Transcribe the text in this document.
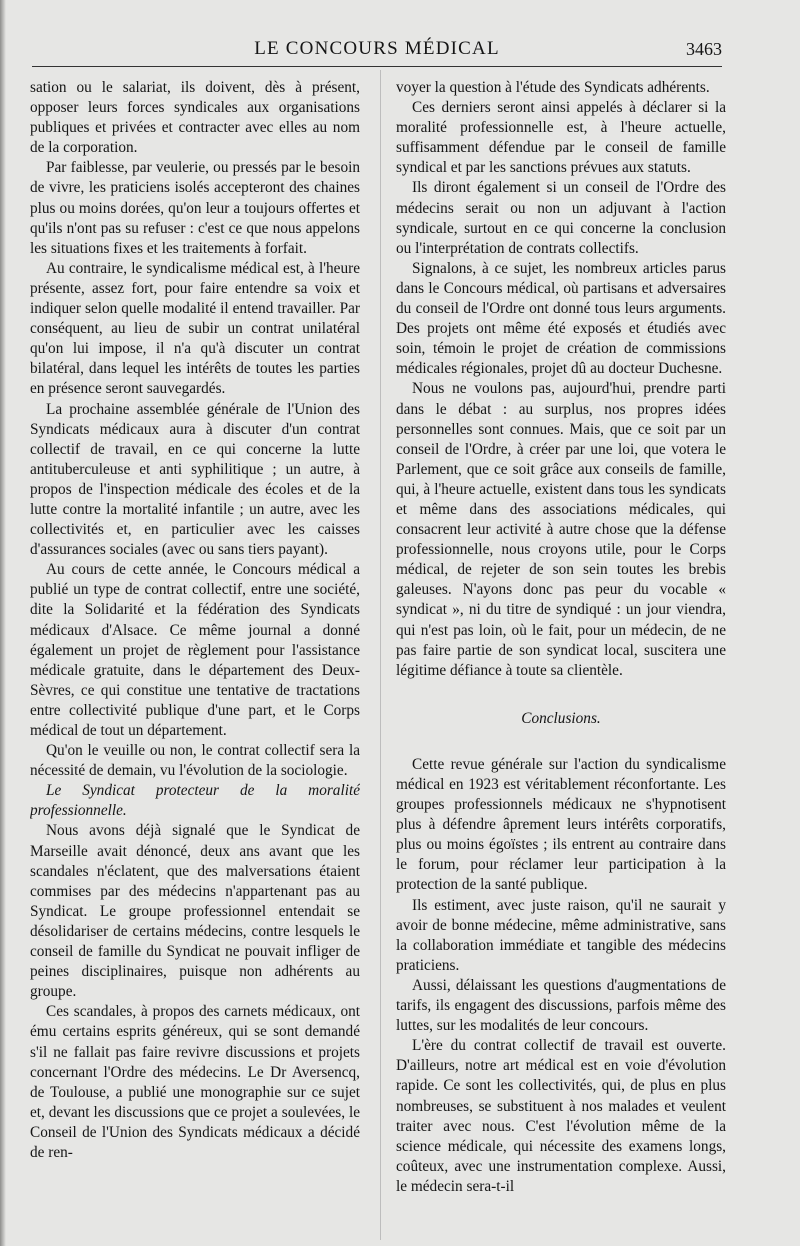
LE CONCOURS MÉDICAL	3463

sation ou le salariat, ils doivent, dès à présent, opposer leurs forces syndicales aux organisations publiques et privées et contracter avec elles au nom de la corporation.

Par faiblesse, par veulerie, ou pressés par le besoin de vivre, les praticiens isolés accepteront des chaines plus ou moins dorées, qu'on leur a toujours offertes et qu'ils n'ont pas su refuser : c'est ce que nous appelons les situations fixes et les traitements à forfait.

Au contraire, le syndicalisme médical est, à l'heure présente, assez fort, pour faire entendre sa voix et indiquer selon quelle modalité il entend travailler. Par conséquent, au lieu de subir un contrat unilatéral qu'on lui impose, il n'a qu'à discuter un contrat bilatéral, dans lequel les intérêts de toutes les parties en présence seront sauvegardés.

La prochaine assemblée générale de l'Union des Syndicats médicaux aura à discuter d'un contrat collectif de travail, en ce qui concerne la lutte antituberculeuse et anti syphilitique ; un autre, à propos de l'inspection médicale des écoles et de la lutte contre la mortalité infantile ; un autre, avec les collectivités et, en particulier avec les caisses d'assurances sociales (avec ou sans tiers payant).

Au cours de cette année, le Concours médical a publié un type de contrat collectif, entre une société, dite la Solidarité et la fédération des Syndicats médicaux d'Alsace. Ce même journal a donné également un projet de règlement pour l'assistance médicale gratuite, dans le département des Deux-Sèvres, ce qui constitue une tentative de tractations entre collectivité publique d'une part, et le Corps médical de tout un département.

Qu'on le veuille ou non, le contrat collectif sera la nécessité de demain, vu l'évolution de la sociologie.

Le Syndicat protecteur de la moralité professionnelle.

Nous avons déjà signalé que le Syndicat de Marseille avait dénoncé, deux ans avant que les scandales n'éclatent, que des malversations étaient commises par des médecins n'appartenant pas au Syndicat. Le groupe professionnel entendait se désolidariser de certains médecins, contre lesquels le conseil de famille du Syndicat ne pouvait infliger de peines disciplinaires, puisque non adhérents au groupe.

Ces scandales, à propos des carnets médicaux, ont ému certains esprits généreux, qui se sont demandé s'il ne fallait pas faire revivre discussions et projets concernant l'Ordre des médecins. Le Dr Aversencq, de Toulouse, a publié une monographie sur ce sujet et, devant les discussions que ce projet a soulevées, le Conseil de l'Union des Syndicats médicaux a décidé de ren-

voyer la question à l'étude des Syndicats adhérents.

Ces derniers seront ainsi appelés à déclarer si la moralité professionnelle est, à l'heure actuelle, suffisamment défendue par le conseil de famille syndical et par les sanctions prévues aux statuts.

Ils diront également si un conseil de l'Ordre des médecins serait ou non un adjuvant à l'action syndicale, surtout en ce qui concerne la conclusion ou l'interprétation de contrats collectifs.

Signalons, à ce sujet, les nombreux articles parus dans le Concours médical, où partisans et adversaires du conseil de l'Ordre ont donné tous leurs arguments. Des projets ont même été exposés et étudiés avec soin, témoin le projet de création de commissions médicales régionales, projet dû au docteur Duchesne.

Nous ne voulons pas, aujourd'hui, prendre parti dans le débat : au surplus, nos propres idées personnelles sont connues. Mais, que ce soit par un conseil de l'Ordre, à créer par une loi, que votera le Parlement, que ce soit grâce aux conseils de famille, qui, à l'heure actuelle, existent dans tous les syndicats et même dans des associations médicales, qui consacrent leur activité à autre chose que la défense professionnelle, nous croyons utile, pour le Corps médical, de rejeter de son sein toutes les brebis galeuses. N'ayons donc pas peur du vocable « syndicat », ni du titre de syndiqué : un jour viendra, qui n'est pas loin, où le fait, pour un médecin, de ne pas faire partie de son syndicat local, suscitera une légitime défiance à toute sa clientèle.

Conclusions.

Cette revue générale sur l'action du syndicalisme médical en 1923 est véritablement réconfortante. Les groupes professionnels médicaux ne s'hypnotisent plus à défendre âprement leurs intérêts corporatifs, plus ou moins égoïstes ; ils entrent au contraire dans le forum, pour réclamer leur participation à la protection de la santé publique.

Ils estiment, avec juste raison, qu'il ne saurait y avoir de bonne médecine, même administrative, sans la collaboration immédiate et tangible des médecins praticiens.

Aussi, délaissant les questions d'augmentations de tarifs, ils engagent des discussions, parfois même des luttes, sur les modalités de leur concours.

L'ère du contrat collectif de travail est ouverte. D'ailleurs, notre art médical est en voie d'évolution rapide. Ce sont les collectivités, qui, de plus en plus nombreuses, se substituent à nos malades et veulent traiter avec nous. C'est l'évolution même de la science médicale, qui nécessite des examens longs, coûteux, avec une instrumentation complexe. Aussi, le médecin sera-t-il
